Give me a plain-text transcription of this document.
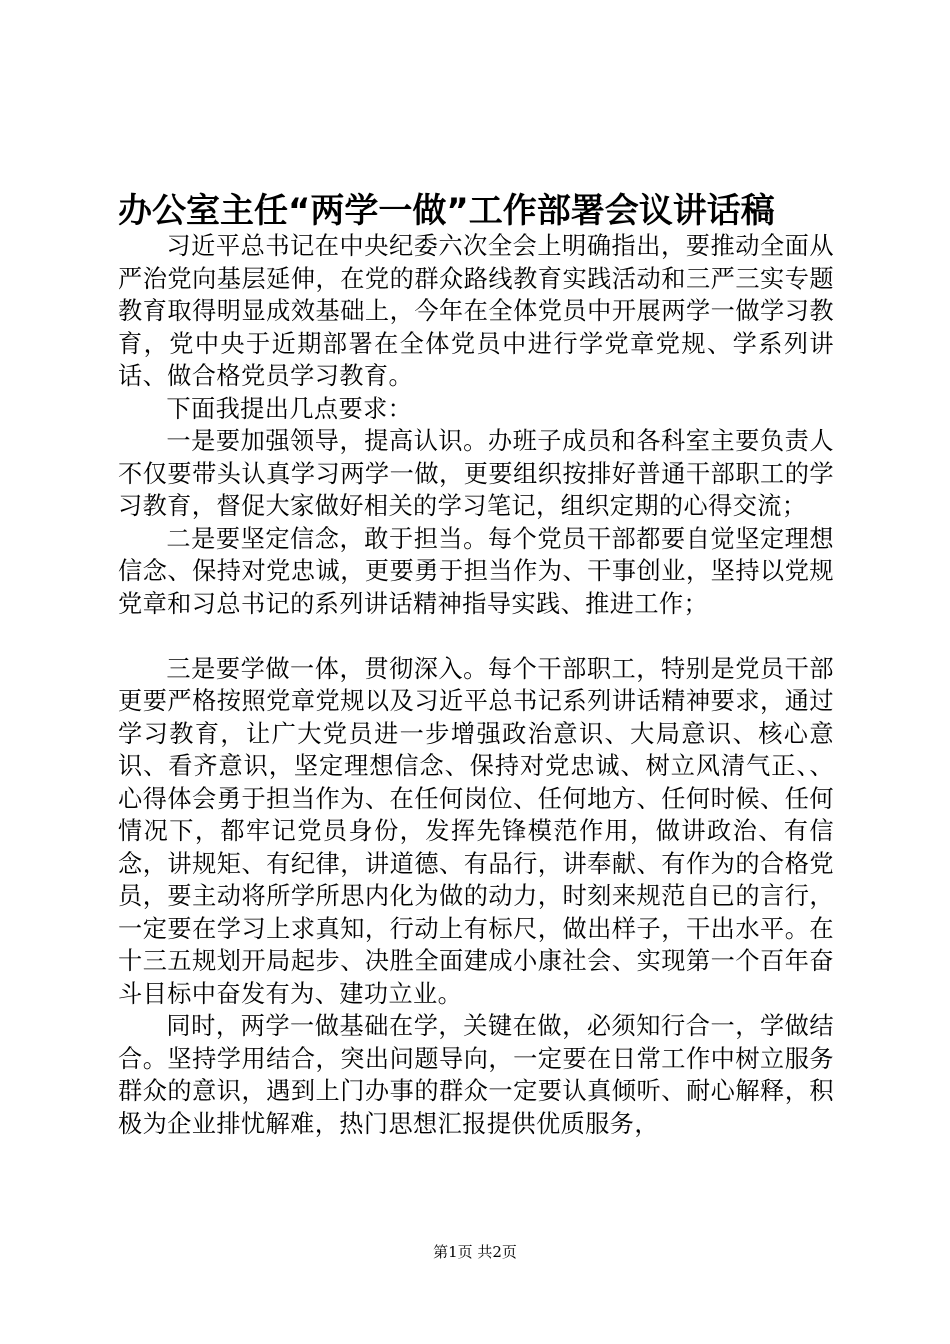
办公室主任“两学一做”工作部署会议讲话稿

习近平总书记在中央纪委六次全会上明确指出，要推动全面从严治党向基层延伸，在党的群众路线教育实践活动和三严三实专题教育取得明显成效基础上，今年在全体党员中开展两学一做学习教育，党中央于近期部署在全体党员中进行学党章党规、学系列讲话、做合格党员学习教育。

下面我提出几点要求：

一是要加强领导，提高认识。办班子成员和各科室主要负责人不仅要带头认真学习两学一做，更要组织按排好普通干部职工的学习教育，督促大家做好相关的学习笔记，组织定期的心得交流；

二是要坚定信念，敢于担当。每个党员干部都要自觉坚定理想信念、保持对党忠诚，更要勇于担当作为、干事创业，坚持以党规党章和习总书记的系列讲话精神指导实践、推进工作；

三是要学做一体，贯彻深入。每个干部职工，特别是党员干部更要严格按照党章党规以及习近平总书记系列讲话精神要求，通过学习教育，让广大党员进一步增强政治意识、大局意识、核心意识、看齐意识，坚定理想信念、保持对党忠诚、树立风清气正、、心得体会勇于担当作为、在任何岗位、任何地方、任何时候、任何情况下，都牢记党员身份，发挥先锋模范作用，做讲政治、有信念，讲规矩、有纪律，讲道德、有品行，讲奉献、有作为的合格党员，要主动将所学所思内化为做的动力，时刻来规范自已的言行，一定要在学习上求真知，行动上有标尺，做出样子，干出水平。在十三五规划开局起步、决胜全面建成小康社会、实现第一个百年奋斗目标中奋发有为、建功立业。

同时，两学一做基础在学，关键在做，必须知行合一，学做结合。坚持学用结合，突出问题导向，一定要在日常工作中树立服务群众的意识，遇到上门办事的群众一定要认真倾听、耐心解释，积极为企业排忧解难，热门思想汇报提供优质服务，

第1页 共2页
